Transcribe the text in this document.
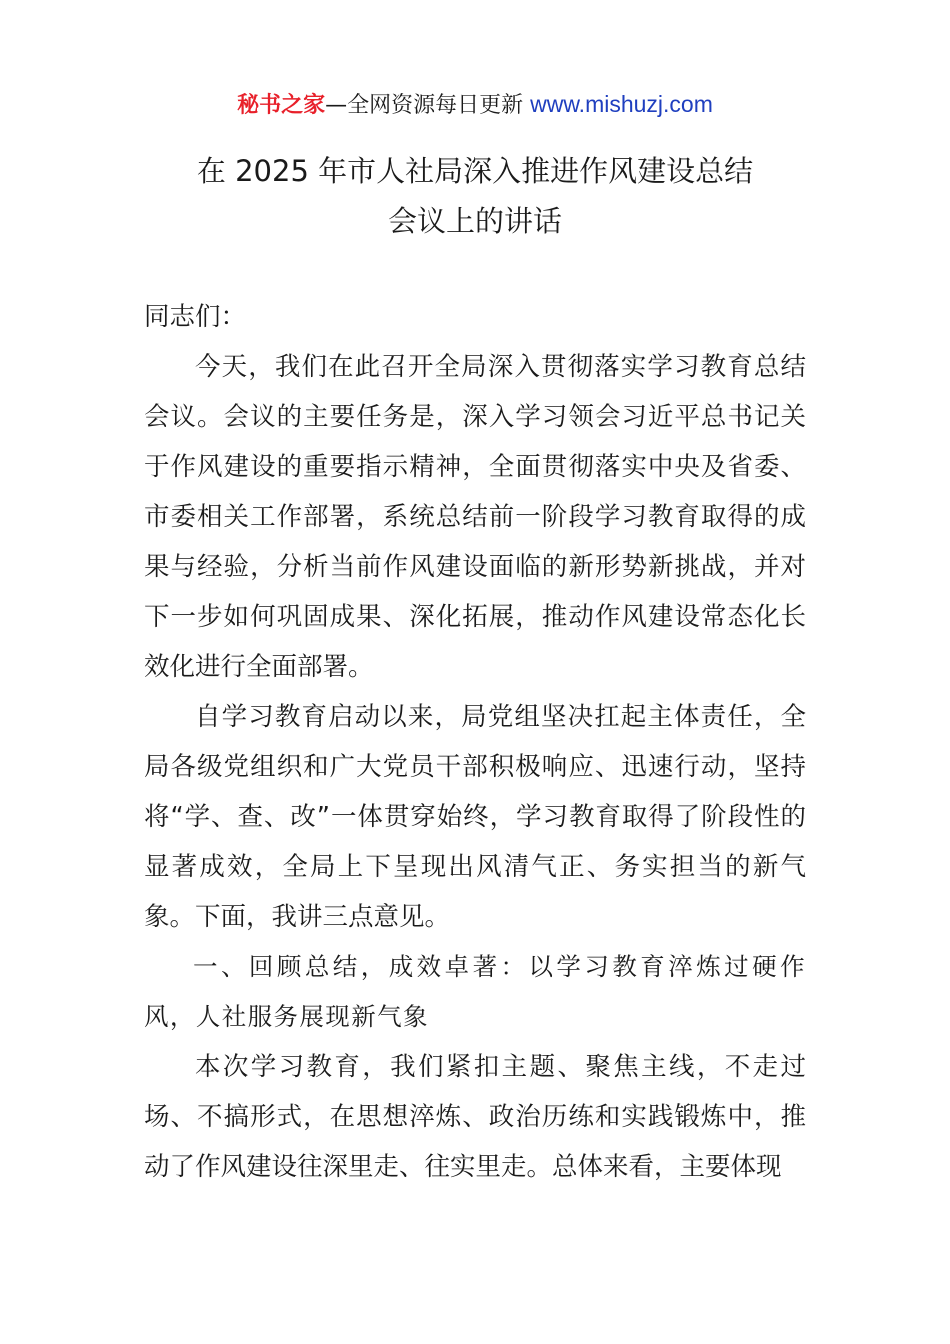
秘书之家—全网资源每日更新 www.mishuzj.com
在 2025 年市人社局深入推进作风建设总结
会议上的讲话

同志们：

今天，我们在此召开全局深入贯彻落实学习教育总结会议。会议的主要任务是，深入学习领会习近平总书记关于作风建设的重要指示精神，全面贯彻落实中央及省委、市委相关工作部署，系统总结前一阶段学习教育取得的成果与经验，分析当前作风建设面临的新形势新挑战，并对下一步如何巩固成果、深化拓展，推动作风建设常态化长效化进行全面部署。

自学习教育启动以来，局党组坚决扛起主体责任，全局各级党组织和广大党员干部积极响应、迅速行动，坚持将“学、查、改”一体贯穿始终，学习教育取得了阶段性的显著成效，全局上下呈现出风清气正、务实担当的新气象。下面，我讲三点意见。

一、回顾总结，成效卓著：以学习教育淬炼过硬作风，人社服务展现新气象

本次学习教育，我们紧扣主题、聚焦主线，不走过场、不搞形式，在思想淬炼、政治历练和实践锻炼中，推动了作风建设往深里走、往实里走。总体来看，主要体现
